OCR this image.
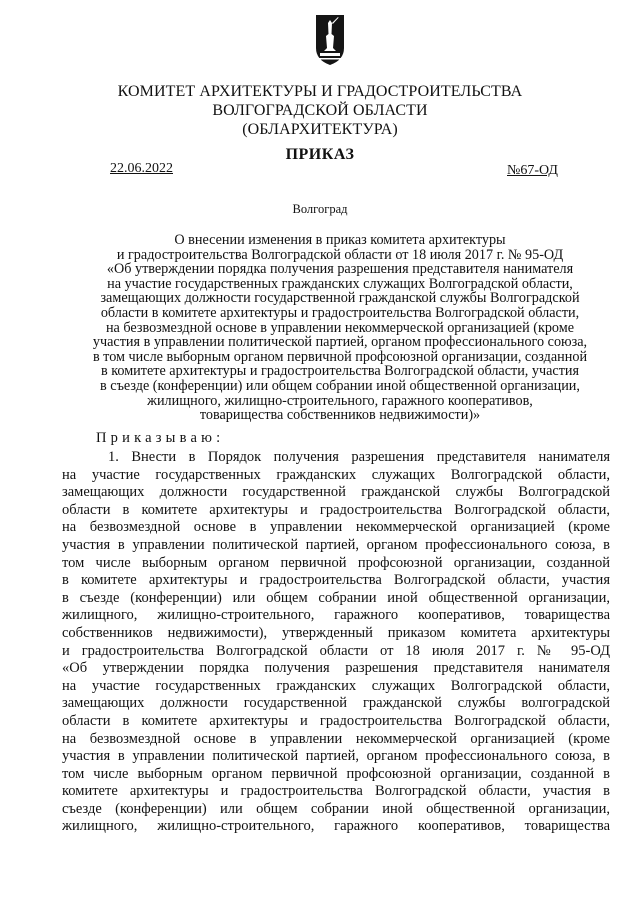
КОМИТЕТ АРХИТЕКТУРЫ И ГРАДОСТРОИТЕЛЬСТВА
ВОЛГОГРАДСКОЙ ОБЛАСТИ
(ОБЛАРХИТЕКТУРА)
ПРИКАЗ
22.06.2022	№67-ОД
Волгоград
О внесении изменения в приказ комитета архитектуры
и градостроительства Волгоградской области от 18 июля 2017 г. № 95-ОД
«Об утверждении порядка получения разрешения представителя нанимателя
на участие государственных гражданских служащих Волгоградской области,
замещающих должности государственной гражданской службы Волгоградской
области в комитете архитектуры и градостроительства Волгоградской области,
на безвозмездной основе в управлении некоммерческой организацией (кроме
участия в управлении политической партией, органом профессионального союза,
в том числе выборным органом первичной профсоюзной организации, созданной
в комитете архитектуры и градостроительства Волгоградской области, участия
в съезде (конференции) или общем собрании иной общественной организации,
жилищного, жилищно-строительного, гаражного кооперативов,
товарищества собственников недвижимости)»
Приказываю:
1. Внести в Порядок получения разрешения представителя нанимателя
на участие государственных гражданских служащих Волгоградской области,
замещающих должности государственной гражданской службы Волгоградской
области в комитете архитектуры и градостроительства Волгоградской области,
на безвозмездной основе в управлении некоммерческой организацией (кроме
участия в управлении политической партией, органом профессионального союза, в
том числе выборным органом первичной профсоюзной организации, созданной
в комитете архитектуры и градостроительства Волгоградской области, участия
в съезде (конференции) или общем собрании иной общественной организации,
жилищного, жилищно-строительного, гаражного кооперативов, товарищества
собственников недвижимости), утвержденный приказом комитета архитектуры
и градостроительства Волгоградской области от 18 июля 2017 г. № 95-ОД
«Об утверждении порядка получения разрешения представителя нанимателя
на участие государственных гражданских служащих Волгоградской области,
замещающих должности государственной гражданской службы волгоградской
области в комитете архитектуры и градостроительства Волгоградской области,
на безвозмездной основе в управлении некоммерческой организацией (кроме
участия в управлении политической партией, органом профессионального союза, в
том числе выборным органом первичной профсоюзной организации, созданной в
комитете архитектуры и градостроительства Волгоградской области, участия в
съезде (конференции) или общем собрании иной общественной организации,
жилищного, жилищно-строительного, гаражного кооперативов, товарищества
